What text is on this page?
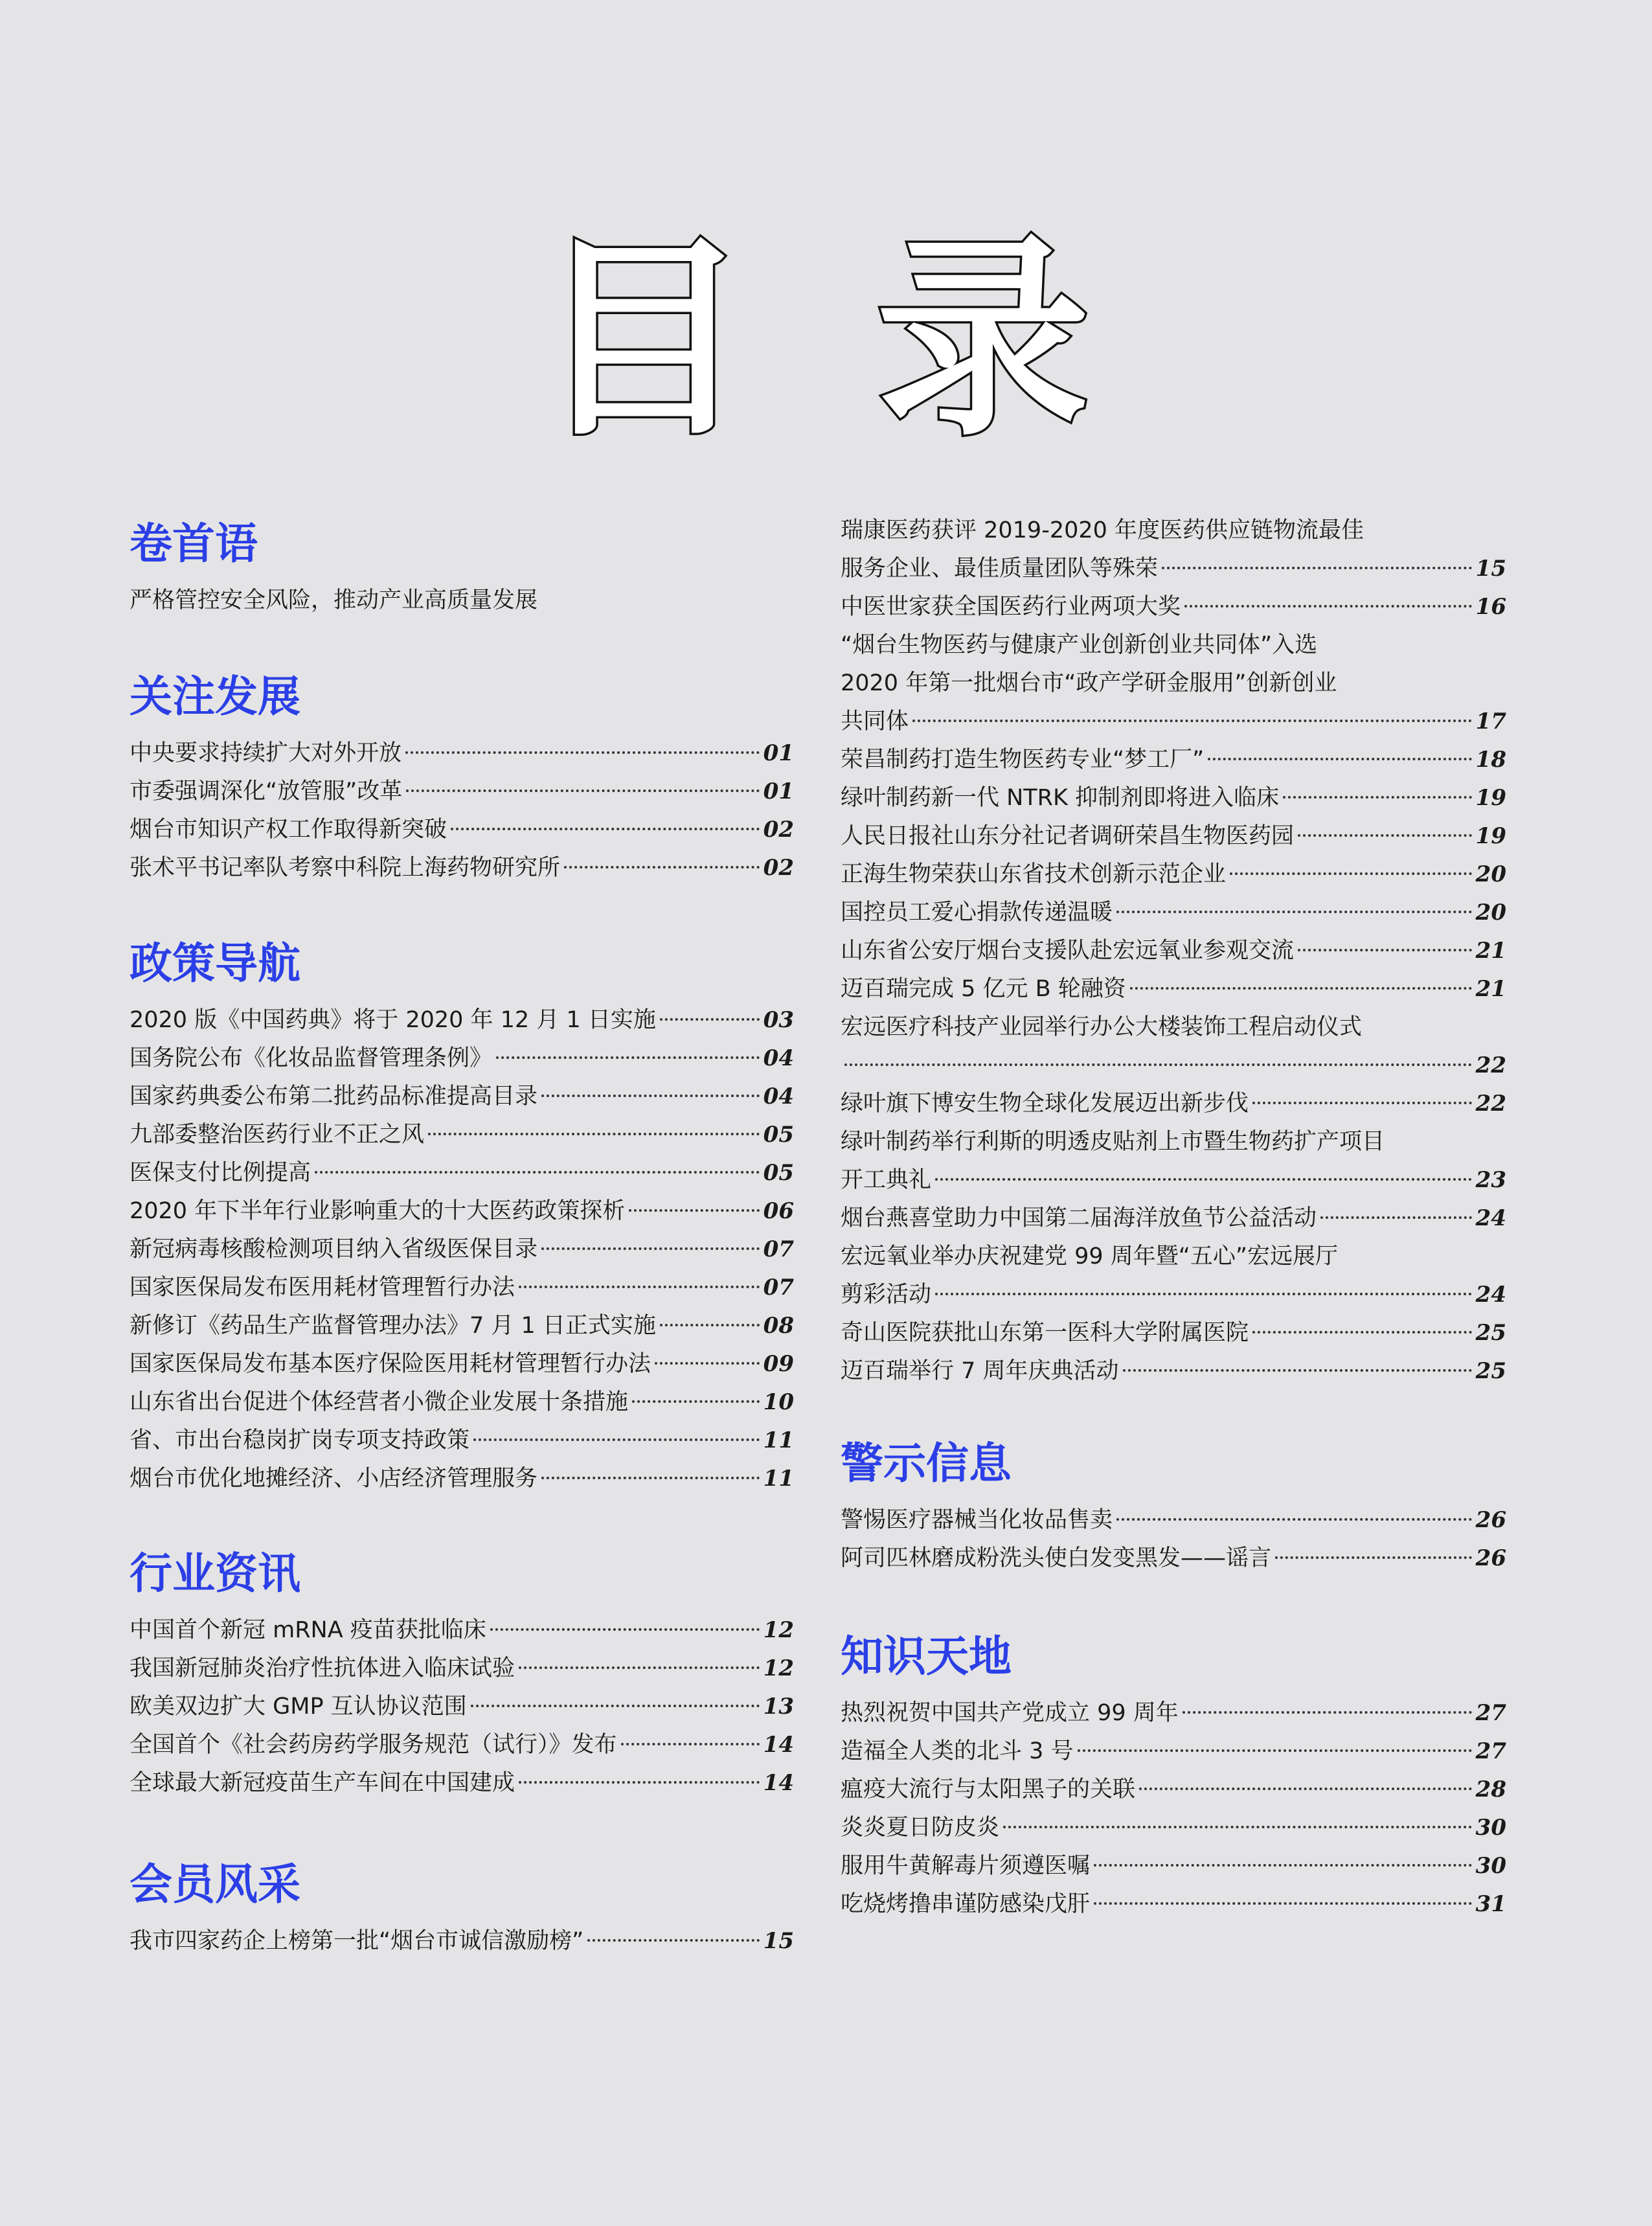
目 录
卷首语
严格管控安全风险，推动产业高质量发展
关注发展
中央要求持续扩大对外开放	01
市委强调深化“放管服”改革	01
烟台市知识产权工作取得新突破	02
张术平书记率队考察中科院上海药物研究所	02
政策导航
2020 版《中国药典》将于 2020 年 12 月 1 日实施	03
国务院公布《化妆品监督管理条例》	04
国家药典委公布第二批药品标准提高目录	04
九部委整治医药行业不正之风	05
医保支付比例提高	05
2020 年下半年行业影响重大的十大医药政策探析	06
新冠病毒核酸检测项目纳入省级医保目录	07
国家医保局发布医用耗材管理暂行办法	07
新修订《药品生产监督管理办法》7 月 1 日正式实施	08
国家医保局发布基本医疗保险医用耗材管理暂行办法	09
山东省出台促进个体经营者小微企业发展十条措施	10
省、市出台稳岗扩岗专项支持政策	11
烟台市优化地摊经济、小店经济管理服务	11
行业资讯
中国首个新冠 mRNA 疫苗获批临床	12
我国新冠肺炎治疗性抗体进入临床试验	12
欧美双边扩大 GMP 互认协议范围	13
全国首个《社会药房药学服务规范（试行）》发布	14
全球最大新冠疫苗生产车间在中国建成	14
会员风采
我市四家药企上榜第一批“烟台市诚信激励榜”	15
瑞康医药获评 2019-2020 年度医药供应链物流最佳
服务企业、最佳质量团队等殊荣	15
中医世家获全国医药行业两项大奖	16
“烟台生物医药与健康产业创新创业共同体”入选
2020 年第一批烟台市“政产学研金服用”创新创业
共同体	17
荣昌制药打造生物医药专业“梦工厂”	18
绿叶制药新一代 NTRK 抑制剂即将进入临床	19
人民日报社山东分社记者调研荣昌生物医药园	19
正海生物荣获山东省技术创新示范企业	20
国控员工爱心捐款传递温暖	20
山东省公安厅烟台支援队赴宏远氧业参观交流	21
迈百瑞完成 5 亿元 B 轮融资	21
宏远医疗科技产业园举行办公大楼装饰工程启动仪式
22
绿叶旗下博安生物全球化发展迈出新步伐	22
绿叶制药举行利斯的明透皮贴剂上市暨生物药扩产项目
开工典礼	23
烟台燕喜堂助力中国第二届海洋放鱼节公益活动	24
宏远氧业举办庆祝建党 99 周年暨“五心”宏远展厅
剪彩活动	24
奇山医院获批山东第一医科大学附属医院	25
迈百瑞举行 7 周年庆典活动	25
警示信息
警惕医疗器械当化妆品售卖	26
阿司匹林磨成粉洗头使白发变黑发——谣言	26
知识天地
热烈祝贺中国共产党成立 99 周年	27
造福全人类的北斗 3 号	27
瘟疫大流行与太阳黑子的关联	28
炎炎夏日防皮炎	30
服用牛黄解毒片须遵医嘱	30
吃烧烤撸串谨防感染戊肝	31
